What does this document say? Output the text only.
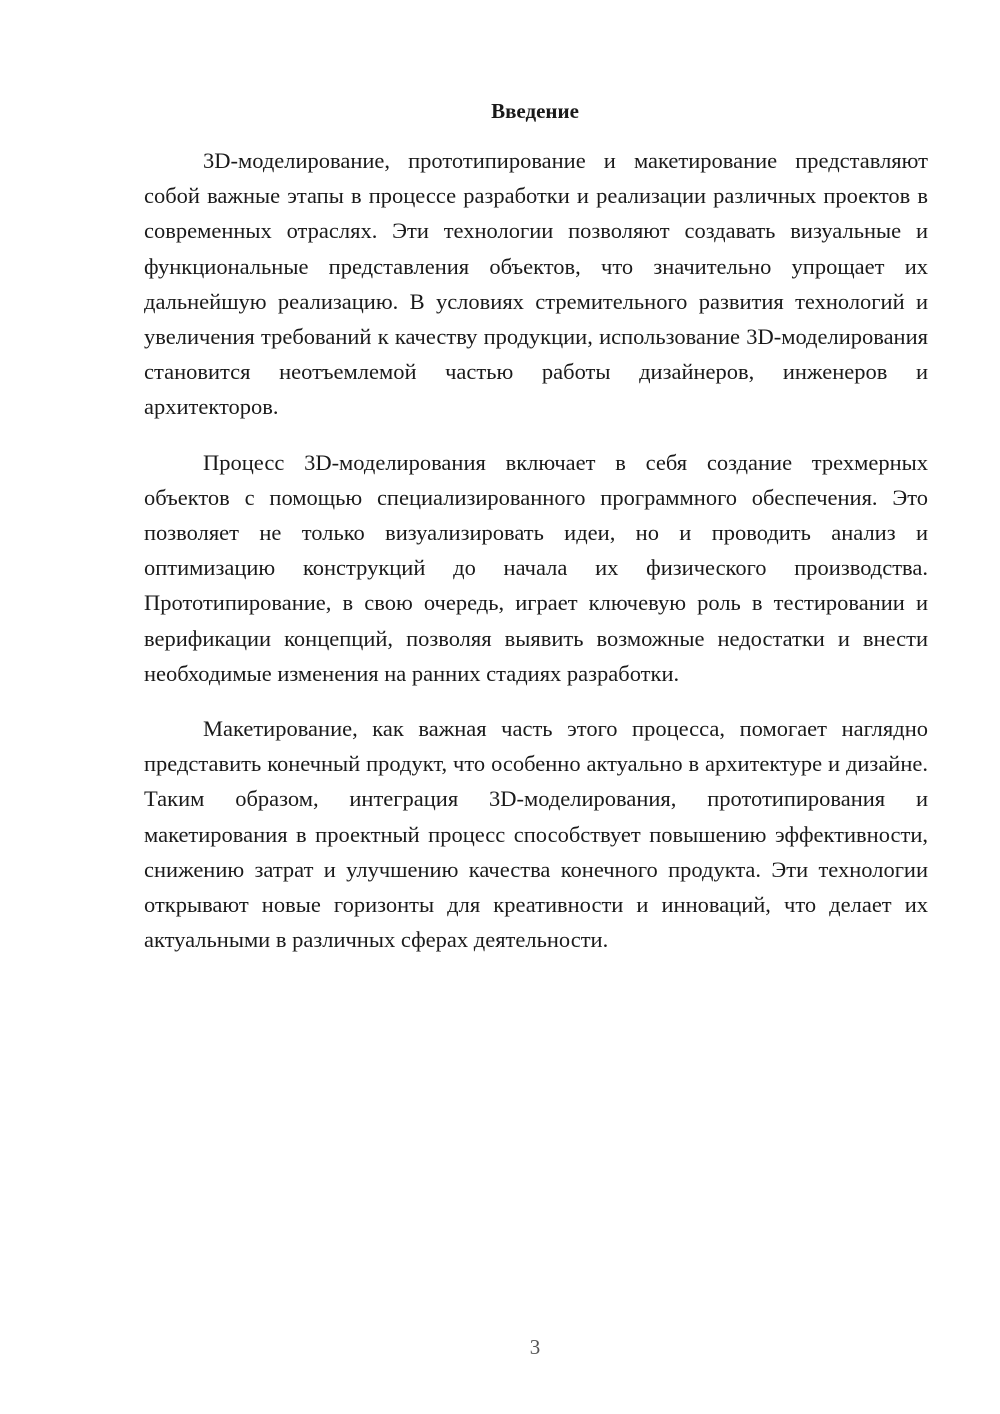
Введение

3D-моделирование, прототипирование и макетирование представляют собой важные этапы в процессе разработки и реализации различных проектов в современных отраслях. Эти технологии позволяют создавать визуальные и функциональные представления объектов, что значительно упрощает их дальнейшую реализацию. В условиях стремительного развития технологий и увеличения требований к качеству продукции, использование 3D-моделирования становится неотъемлемой частью работы дизайнеров, инженеров и архитекторов.

Процесс 3D-моделирования включает в себя создание трехмерных объектов с помощью специализированного программного обеспечения. Это позволяет не только визуализировать идеи, но и проводить анализ и оптимизацию конструкций до начала их физического производства. Прототипирование, в свою очередь, играет ключевую роль в тестировании и верификации концепций, позволяя выявить возможные недостатки и внести необходимые изменения на ранних стадиях разработки.

Макетирование, как важная часть этого процесса, помогает наглядно представить конечный продукт, что особенно актуально в архитектуре и дизайне. Таким образом, интеграция 3D-моделирования, прототипирования и макетирования в проектный процесс способствует повышению эффективности, снижению затрат и улучшению качества конечного продукта. Эти технологии открывают новые горизонты для креативности и инноваций, что делает их актуальными в различных сферах деятельности.

3
